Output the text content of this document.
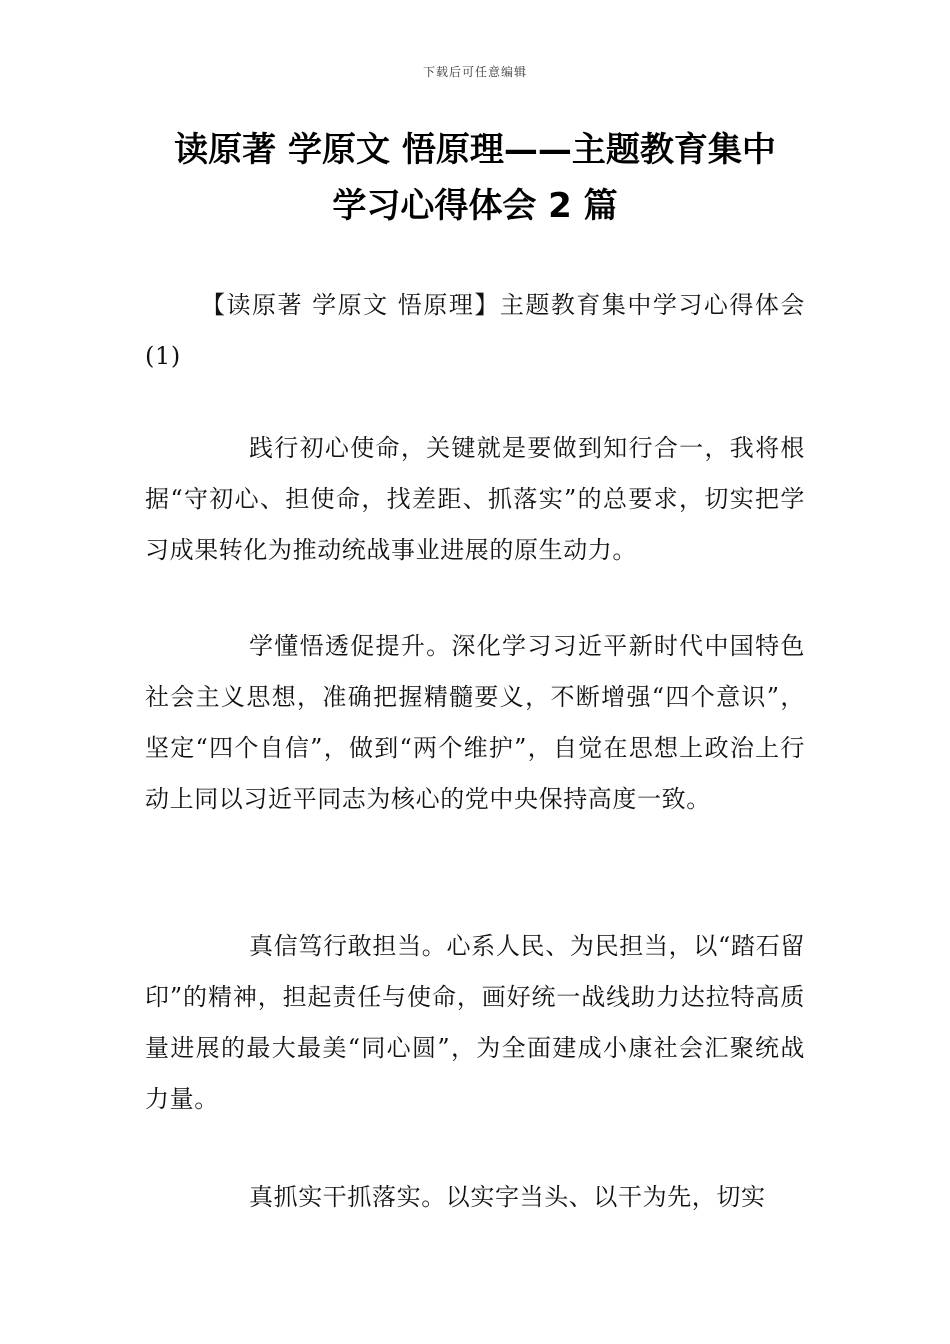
下载后可任意编辑
读原著 学原文 悟原理——主题教育集中
学习心得体会 2 篇

【读原著 学原文 悟原理】主题教育集中学习心得体会(1)

践行初心使命，关键就是要做到知行合一，我将根据“守初心、担使命，找差距、抓落实”的总要求，切实把学习成果转化为推动统战事业进展的原生动力。

学懂悟透促提升。深化学习习近平新时代中国特色社会主义思想，准确把握精髓要义，不断增强“四个意识”，坚定“四个自信”，做到“两个维护”，自觉在思想上政治上行动上同以习近平同志为核心的党中央保持高度一致。

真信笃行敢担当。心系人民、为民担当，以“踏石留印”的精神，担起责任与使命，画好统一战线助力达拉特高质量进展的最大最美“同心圆”，为全面建成小康社会汇聚统战力量。

真抓实干抓落实。以实字当头、以干为先，切实
